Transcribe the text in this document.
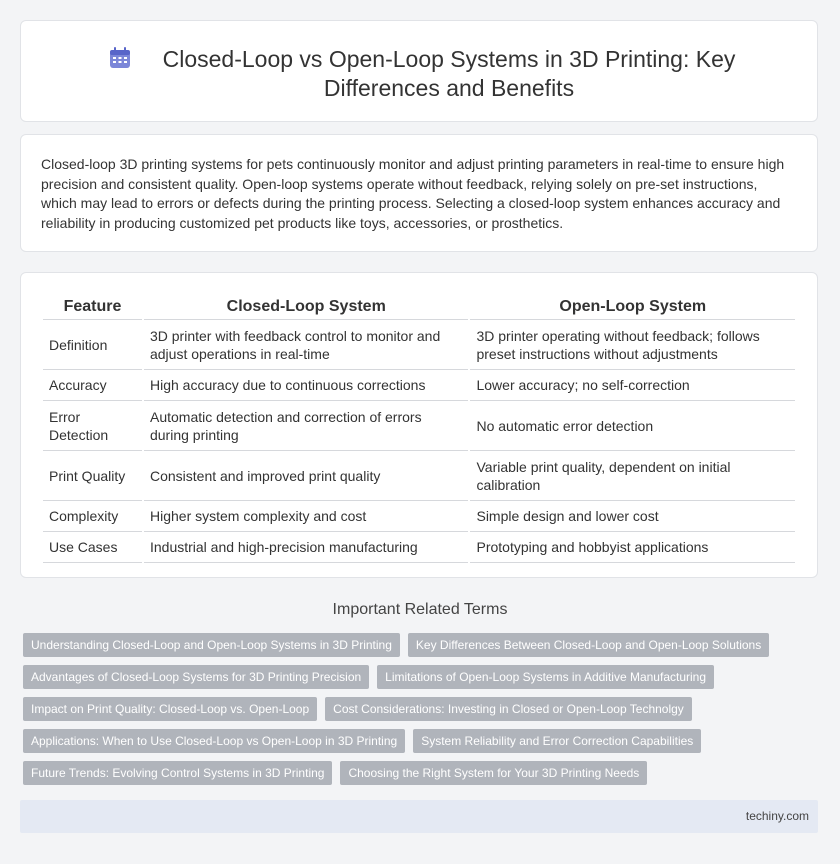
Closed-Loop vs Open-Loop Systems in 3D Printing: Key Differences and Benefits
Closed-loop 3D printing systems for pets continuously monitor and adjust printing parameters in real-time to ensure high precision and consistent quality. Open-loop systems operate without feedback, relying solely on pre-set instructions, which may lead to errors or defects during the printing process. Selecting a closed-loop system enhances accuracy and reliability in producing customized pet products like toys, accessories, or prosthetics.
Feature	Closed-Loop System	Open-Loop System
Definition	3D printer with feedback control to monitor and adjust operations in real-time	3D printer operating without feedback; follows preset instructions without adjustments
Accuracy	High accuracy due to continuous corrections	Lower accuracy; no self-correction
Error Detection	Automatic detection and correction of errors during printing	No automatic error detection
Print Quality	Consistent and improved print quality	Variable print quality, dependent on initial calibration
Complexity	Higher system complexity and cost	Simple design and lower cost
Use Cases	Industrial and high-precision manufacturing	Prototyping and hobbyist applications
Important Related Terms
Understanding Closed-Loop and Open-Loop Systems in 3D Printing	Key Differences Between Closed-Loop and Open-Loop Solutions
Advantages of Closed-Loop Systems for 3D Printing Precision	Limitations of Open-Loop Systems in Additive Manufacturing
Impact on Print Quality: Closed-Loop vs. Open-Loop	Cost Considerations: Investing in Closed or Open-Loop Technolgy
Applications: When to Use Closed-Loop vs Open-Loop in 3D Printing	System Reliability and Error Correction Capabilities
Future Trends: Evolving Control Systems in 3D Printing	Choosing the Right System for Your 3D Printing Needs
techiny.com
